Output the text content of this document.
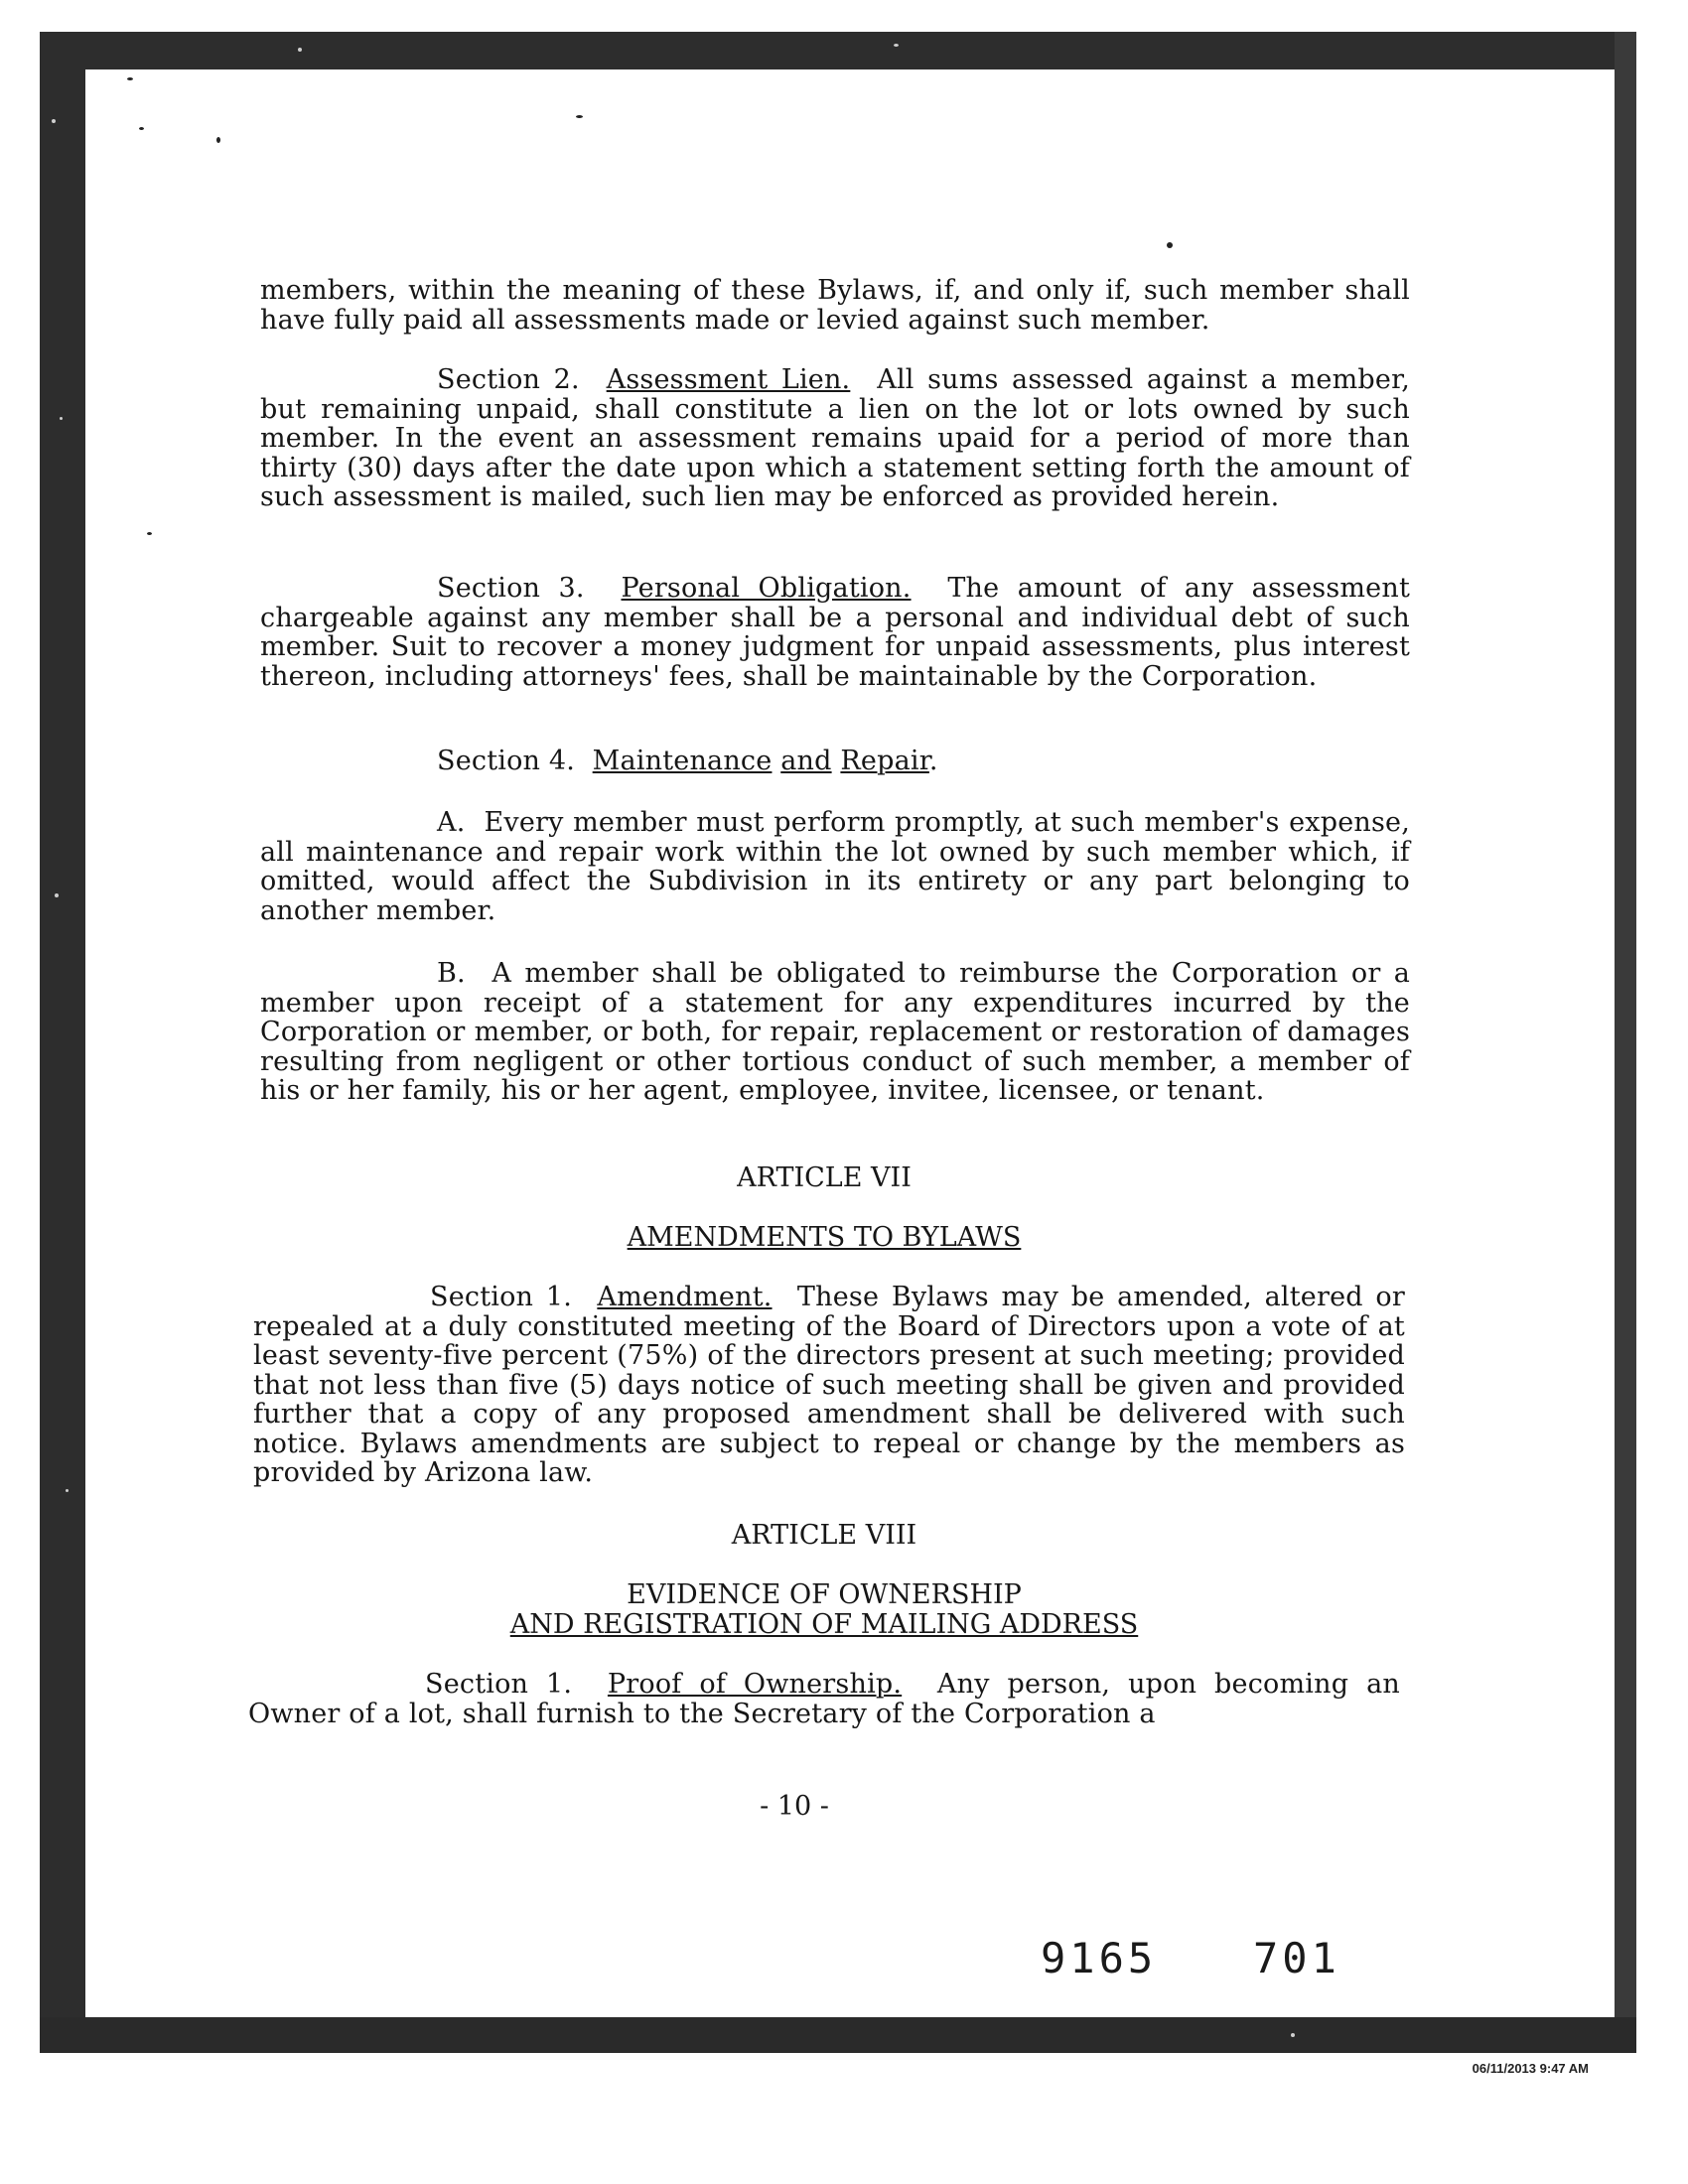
members, within the meaning of these Bylaws, if, and only if, such member shall have fully paid all assessments made or levied against such member.

Section 2. Assessment Lien. All sums assessed against a member, but remaining unpaid, shall constitute a lien on the lot or lots owned by such member. In the event an assessment remains upaid for a period of more than thirty (30) days after the date upon which a statement setting forth the amount of such assessment is mailed, such lien may be enforced as provided herein.

Section 3. Personal Obligation. The amount of any assessment chargeable against any member shall be a personal and individual debt of such member. Suit to recover a money judgment for unpaid assessments, plus interest thereon, including attorneys' fees, shall be maintainable by the Corporation.

Section 4. Maintenance and Repair.

A. Every member must perform promptly, at such member's expense, all maintenance and repair work within the lot owned by such member which, if omitted, would affect the Subdivision in its entirety or any part belonging to another member.

B. A member shall be obligated to reimburse the Corporation or a member upon receipt of a statement for any expenditures incurred by the Corporation or member, or both, for repair, replacement or restoration of damages resulting from negligent or other tortious conduct of such member, a member of his or her family, his or her agent, employee, invitee, licensee, or tenant.

ARTICLE VII
AMENDMENTS TO BYLAWS

Section 1. Amendment. These Bylaws may be amended, altered or repealed at a duly constituted meeting of the Board of Directors upon a vote of at least seventy-five percent (75%) of the directors present at such meeting; provided that not less than five (5) days notice of such meeting shall be given and provided further that a copy of any proposed amendment shall be delivered with such notice. Bylaws amendments are subject to repeal or change by the members as provided by Arizona law.

ARTICLE VIII
EVIDENCE OF OWNERSHIP
AND REGISTRATION OF MAILING ADDRESS

Section 1. Proof of Ownership. Any person, upon becoming an Owner of a lot, shall furnish to the Secretary of the Corporation a

- 10 -
9165 701
06/11/2013 9:47 AM
